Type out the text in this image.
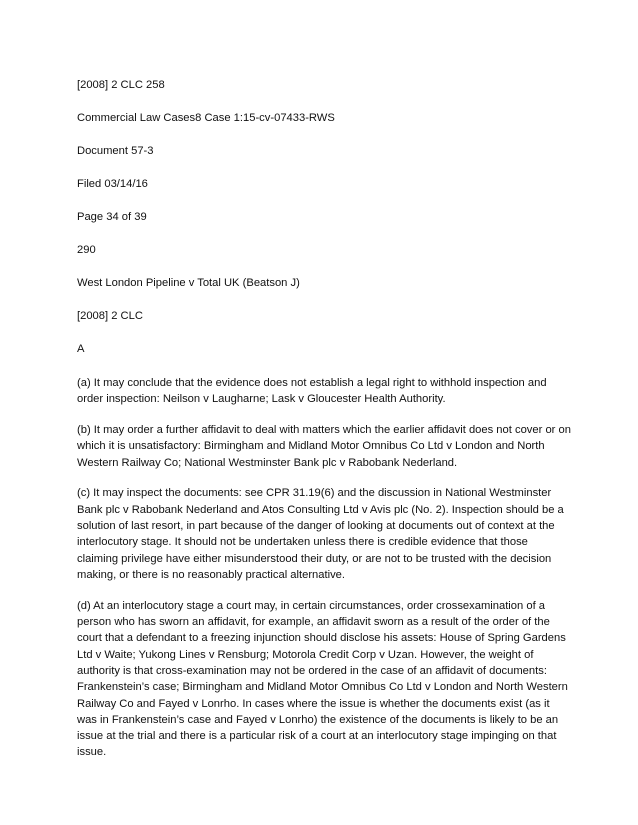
[2008] 2 CLC 258
Commercial Law Cases8 Case 1:15-cv-07433-RWS
Document 57-3
Filed 03/14/16
Page 34 of 39
290
West London Pipeline v Total UK (Beatson J)
[2008] 2 CLC
A

(a) It may conclude that the evidence does not establish a legal right to withhold inspection and order inspection: Neilson v Laugharne; Lask v Gloucester Health Authority.

(b) It may order a further affidavit to deal with matters which the earlier affidavit does not cover or on which it is unsatisfactory: Birmingham and Midland Motor Omnibus Co Ltd v London and North Western Railway Co; National Westminster Bank plc v Rabobank Nederland.

(c) It may inspect the documents: see CPR 31.19(6) and the discussion in National Westminster Bank plc v Rabobank Nederland and Atos Consulting Ltd v Avis plc (No. 2). Inspection should be a solution of last resort, in part because of the danger of looking at documents out of context at the interlocutory stage. It should not be undertaken unless there is credible evidence that those claiming privilege have either misunderstood their duty, or are not to be trusted with the decision making, or there is no reasonably practical alternative.

(d) At an interlocutory stage a court may, in certain circumstances, order crossexamination of a person who has sworn an affidavit, for example, an affidavit sworn as a result of the order of the court that a defendant to a freezing injunction should disclose his assets: House of Spring Gardens Ltd v Waite; Yukong Lines v Rensburg; Motorola Credit Corp v Uzan. However, the weight of authority is that cross-examination may not be ordered in the case of an affidavit of documents: Frankenstein’s case; Birmingham and Midland Motor Omnibus Co Ltd v London and North Western Railway Co and Fayed v Lonrho. In cases where the issue is whether the documents exist (as it was in Frankenstein’s case and Fayed v Lonrho) the existence of the documents is likely to be an issue at the trial and there is a particular risk of a court at an interlocutory stage impinging on that issue.
